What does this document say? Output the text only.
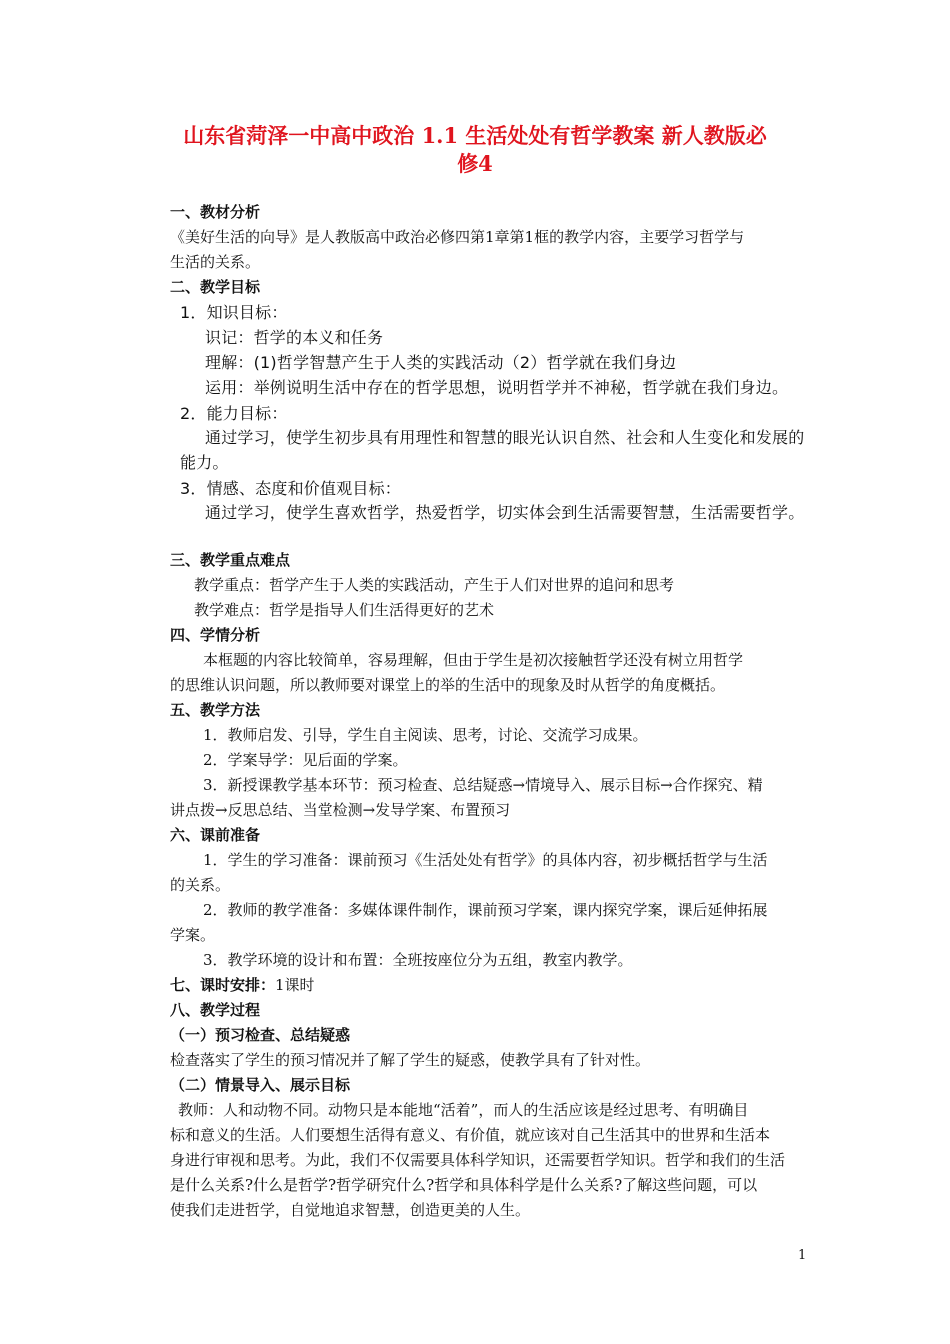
山东省菏泽一中高中政治 1.1 生活处处有哲学教案 新人教版必
修4
一、教材分析
《美好生活的向导》是人教版高中政治必修四第1章第1框的教学内容，主要学习哲学与
生活的关系。
二、教学目标
1．知识目标：
识记：哲学的本义和任务
理解：(1)哲学智慧产生于人类的实践活动（2）哲学就在我们身边
运用：举例说明生活中存在的哲学思想，说明哲学并不神秘，哲学就在我们身边。
2．能力目标：
通过学习，使学生初步具有用理性和智慧的眼光认识自然、社会和人生变化和发展的
能力。
3．情感、态度和价值观目标：
通过学习，使学生喜欢哲学，热爱哲学，切实体会到生活需要智慧，生活需要哲学。
三、教学重点难点
教学重点：哲学产生于人类的实践活动，产生于人们对世界的追问和思考
教学难点：哲学是指导人们生活得更好的艺术
四、学情分析
本框题的内容比较简单，容易理解，但由于学生是初次接触哲学还没有树立用哲学
的思维认识问题，所以教师要对课堂上的举的生活中的现象及时从哲学的角度概括。
五、教学方法
1．教师启发、引导，学生自主阅读、思考，讨论、交流学习成果。
2．学案导学：见后面的学案。
3．新授课教学基本环节：预习检查、总结疑惑→情境导入、展示目标→合作探究、精
讲点拨→反思总结、当堂检测→发导学案、布置预习
六、课前准备
1．学生的学习准备：课前预习《生活处处有哲学》的具体内容，初步概括哲学与生活
的关系。
2．教师的教学准备：多媒体课件制作，课前预习学案，课内探究学案，课后延伸拓展
学案。
3．教学环境的设计和布置：全班按座位分为五组，教室内教学。
七、课时安排：1课时
八、教学过程
（一）预习检查、总结疑惑
检查落实了学生的预习情况并了解了学生的疑惑，使教学具有了针对性。
（二）情景导入、展示目标
教师：人和动物不同。动物只是本能地“活着”，而人的生活应该是经过思考、有明确目
标和意义的生活。人们要想生活得有意义、有价值，就应该对自己生活其中的世界和生活本
身进行审视和思考。为此，我们不仅需要具体科学知识，还需要哲学知识。哲学和我们的生活
是什么关系?什么是哲学?哲学研究什么?哲学和具体科学是什么关系?了解这些问题，可以
使我们走进哲学，自觉地追求智慧，创造更美的人生。
1
